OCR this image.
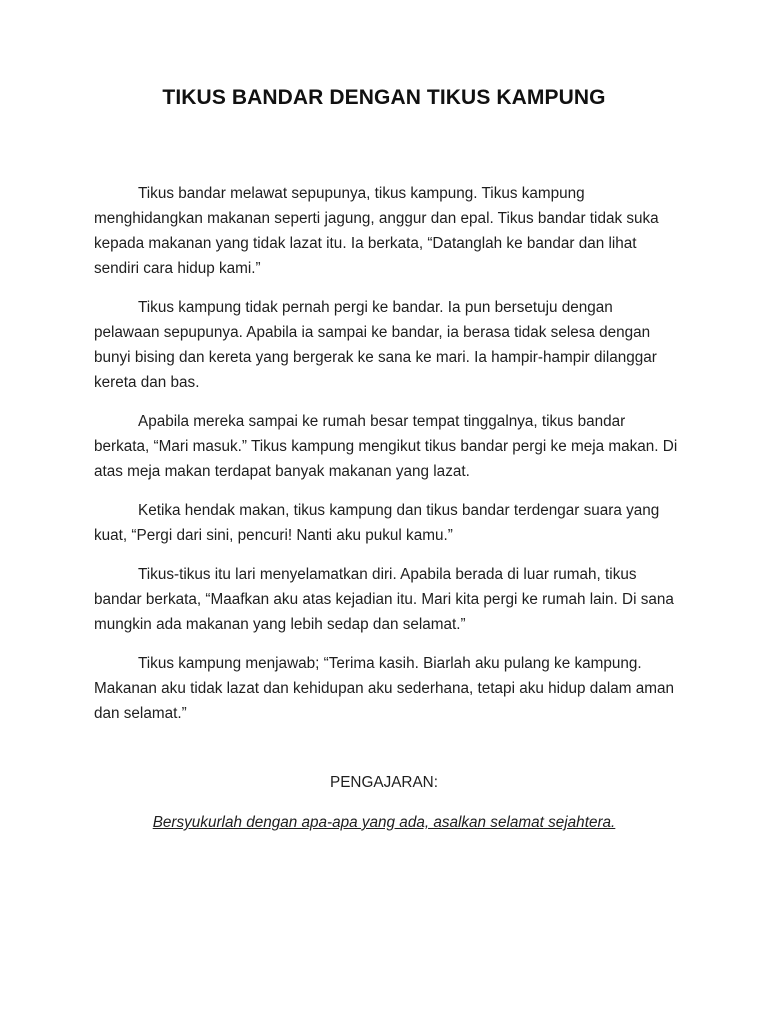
TIKUS BANDAR DENGAN TIKUS KAMPUNG

Tikus bandar melawat sepupunya, tikus kampung. Tikus kampung menghidangkan makanan seperti jagung, anggur dan epal. Tikus bandar tidak suka kepada makanan yang tidak lazat itu. Ia berkata, “Datanglah ke bandar dan lihat sendiri cara hidup kami.”

Tikus kampung tidak pernah pergi ke bandar. Ia pun bersetuju dengan pelawaan sepupunya. Apabila ia sampai ke bandar, ia berasa tidak selesa dengan bunyi bising dan kereta yang bergerak ke sana ke mari. Ia hampir-hampir dilanggar kereta dan bas.

Apabila mereka sampai ke rumah besar tempat tinggalnya, tikus bandar berkata, “Mari masuk.” Tikus kampung mengikut tikus bandar pergi ke meja makan. Di atas meja makan terdapat banyak makanan yang lazat.

Ketika hendak makan, tikus kampung dan tikus bandar terdengar suara yang kuat, “Pergi dari sini, pencuri! Nanti aku pukul kamu.”

Tikus-tikus itu lari menyelamatkan diri. Apabila berada di luar rumah, tikus bandar berkata, “Maafkan aku atas kejadian itu. Mari kita pergi ke rumah lain. Di sana mungkin ada makanan yang lebih sedap dan selamat.”

Tikus kampung menjawab; “Terima kasih. Biarlah aku pulang ke kampung. Makanan aku tidak lazat dan kehidupan aku sederhana, tetapi aku hidup dalam aman dan selamat.”

PENGAJARAN:
Bersyukurlah dengan apa-apa yang ada, asalkan selamat sejahtera.
